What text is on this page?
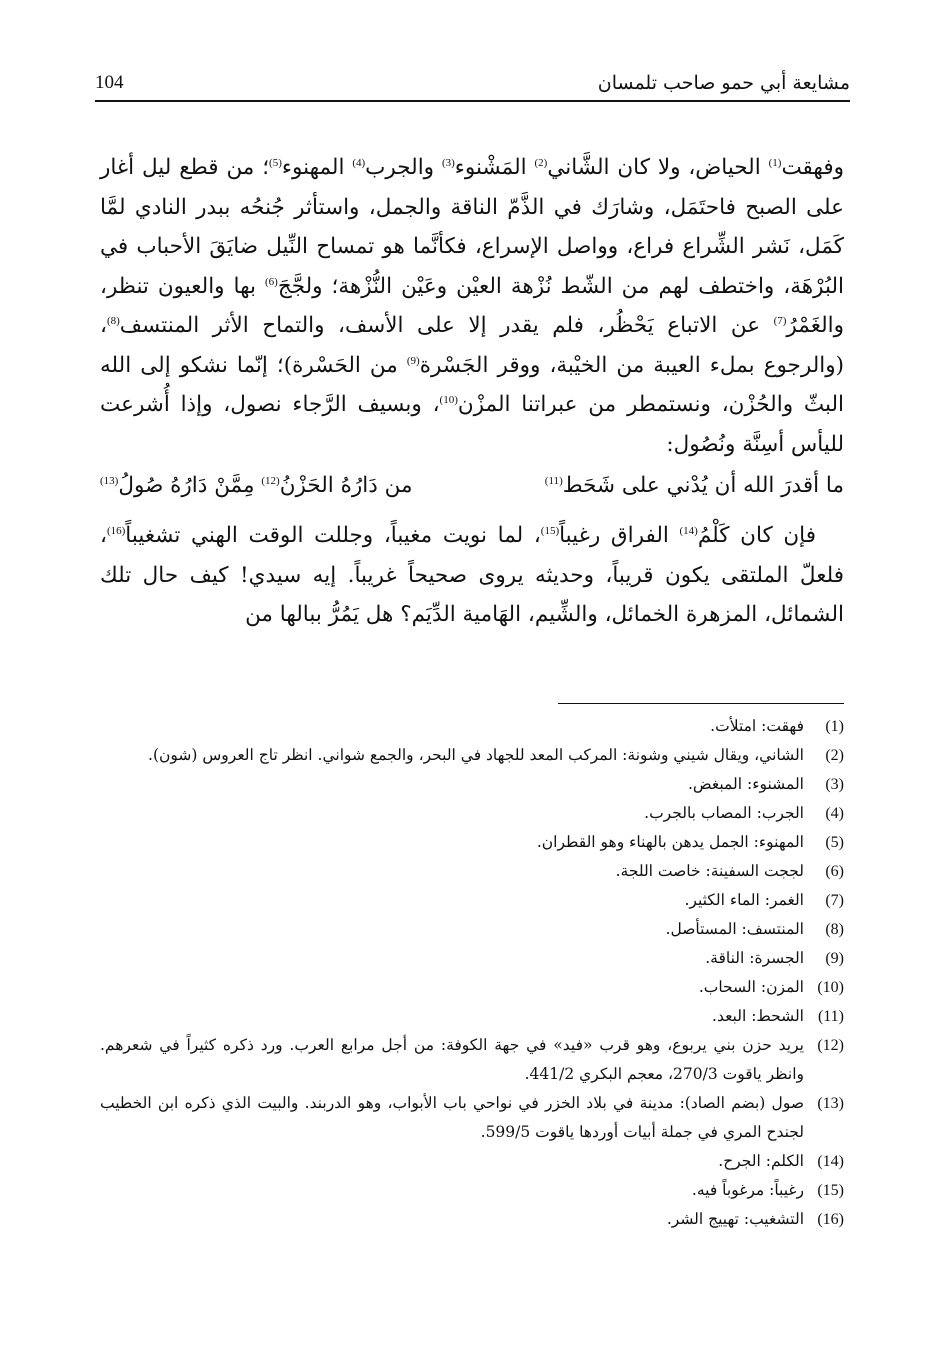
مشايعة أبي حمو صاحب تلمسان
104

وفهقت$^{(1)}$ الحياض، ولا كان الشَّاني$^{(2)}$ المَشْنوء$^{(3)}$ والجرب$^{(4)}$ المهنوء$^{(5)}$؛ من قطع ليل أغار على الصبح فاحتَمَل، وشارَك في الذَّمّ الناقة والجمل، واستأثر جُنحُه ببدر النادي لمَّا كَمَل، نَشر الشِّراع فراع، وواصل الإسراع، فكأنَّما هو تمساح النِّيل ضايَقَ الأحباب في البُرْهَة، واختطف لهم من الشّط نُزْهة العيْن وعَيْن النُّزْهة؛ ولجَّجَ$^{(6)}$ بها والعيون تنظر، والغَمْرُ$^{(7)}$ عن الاتباع يَحْظُر، فلم يقدر إلا على الأسف، والتماح الأثر المنتسف$^{(8)}$، (والرجوع بملء العيبة من الخيْبة، ووقر الجَسْرة$^{(9)}$ من الحَسْرة)؛ إنّما نشكو إلى الله البثّ والحُزْن، ونستمطر من عبراتنا المزْن$^{(10)}$، وبسيف الرَّجاء نصول، وإذا أُشرعت لليأس أسِنَّة ونُصُول:

ما أقدرَ الله أن يُدْني على شَحَط$^{(11)}$
من دَارُهُ الحَزْنُ$^{(12)}$ مِمَّنْ دَارُهُ صُولُ$^{(13)}$

فإن كان كَلْمُ$^{(14)}$ الفراق رغيباً$^{(15)}$، لما نويت مغيباً، وجللت الوقت الهني تشغيباً$^{(16)}$، فلعلّ الملتقى يكون قريباً، وحديثه يروى صحيحاً غريباً. إيه سيدي! كيف حال تلك الشمائل، المزهرة الخمائل، والشِّيم، الهَامية الدِّيَم؟ هل يَمُرُّ ببالها من

(1)
فهقت: امتلأت.
(2)
الشاني، ويقال شيني وشونة: المركب المعد للجهاد في البحر، والجمع شواني. انظر تاج العروس (شون).
(3)
المشنوء: المبغض.
(4)
الجرب: المصاب بالجرب.
(5)
المهنوء: الجمل يدهن بالهناء وهو القطران.
(6)
لججت السفينة: خاصت اللجة.
(7)
الغمر: الماء الكثير.
(8)
المنتسف: المستأصل.
(9)
الجسرة: الناقة.
(10)
المزن: السحاب.
(11)
الشحط: البعد.
(12)
يريد حزن بني يربوع، وهو قرب «فيد» في جهة الكوفة: من أجل مرابع العرب. ورد ذكره كثيراً في شعرهم. وانظر ياقوت 270/3، معجم البكري 441/2.
(13)
صول (بضم الصاد): مدينة في بلاد الخزر في نواحي باب الأبواب، وهو الدربند. والبيت الذي ذكره ابن الخطيب لجندح المري في جملة أبيات أوردها ياقوت 599/5.
(14)
الكلم: الجرح.
(15)
رغيباً: مرغوباً فيه.
(16)
التشغيب: تهييج الشر.
